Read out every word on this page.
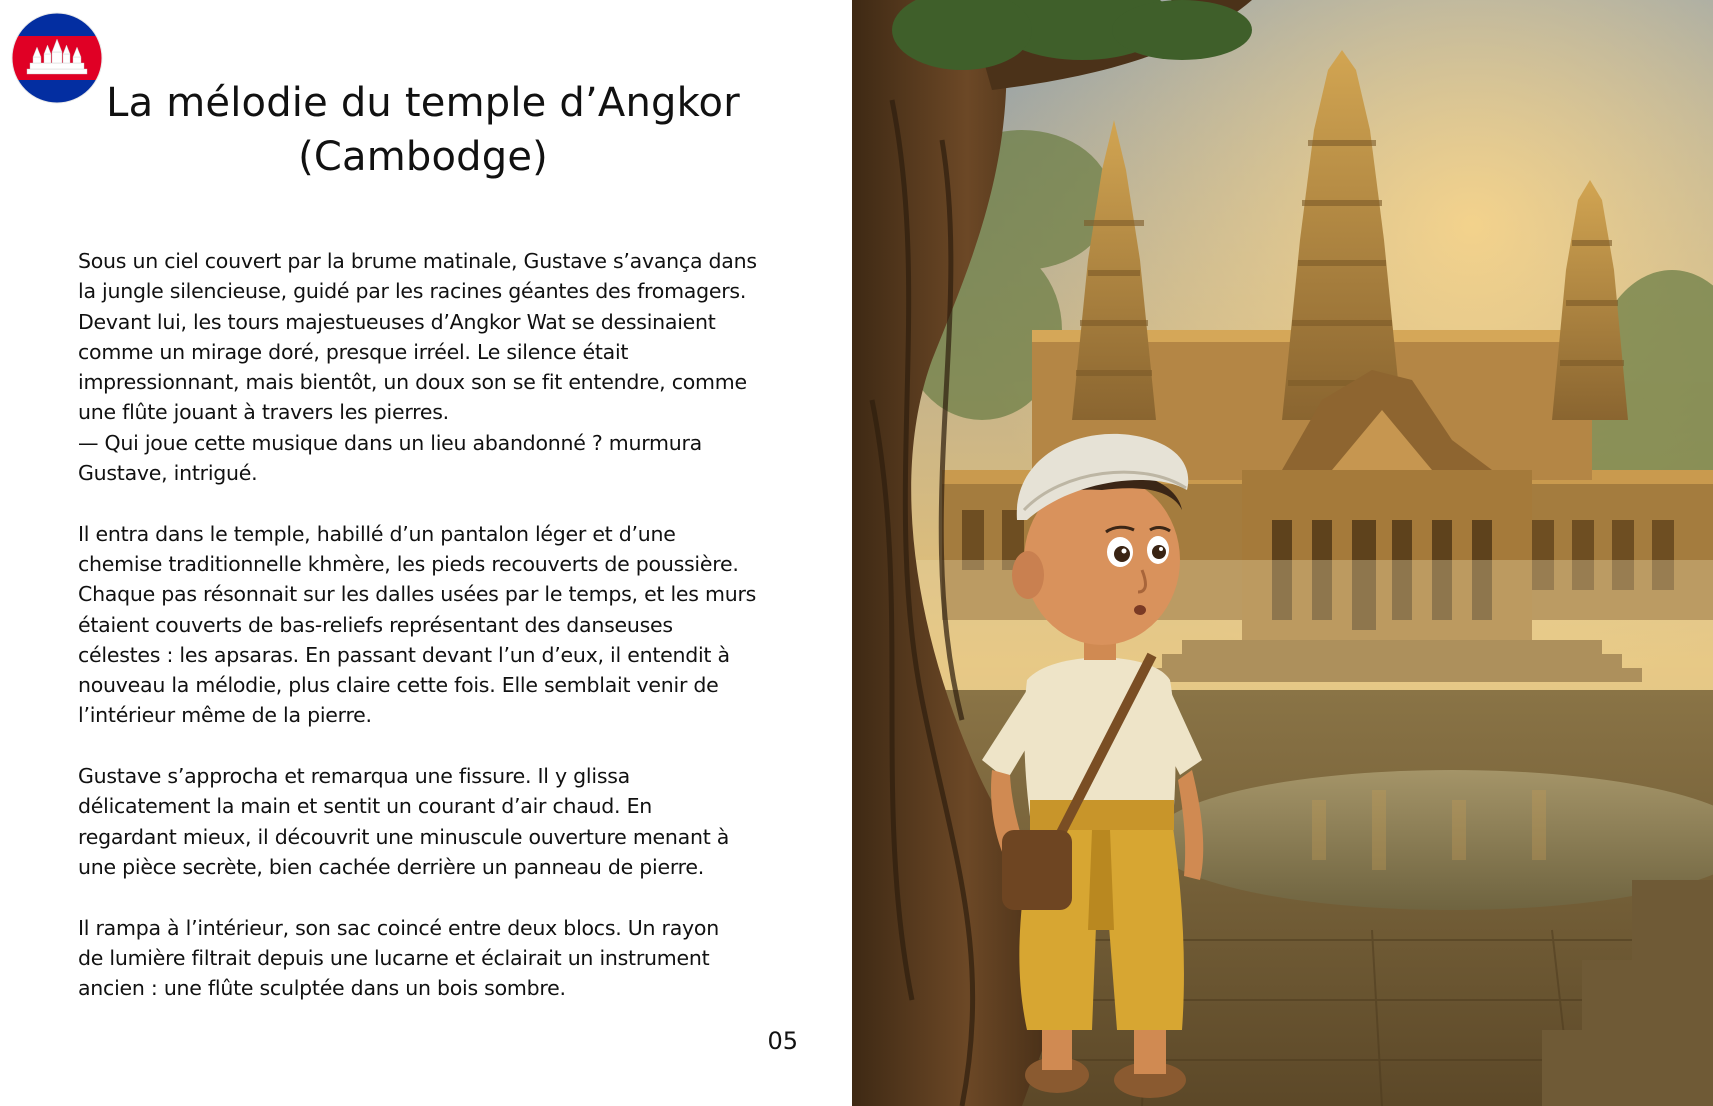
La mélodie du temple d’Angkor
(Cambodge)

Sous un ciel couvert par la brume matinale, Gustave s’avança dans
la jungle silencieuse, guidé par les racines géantes des fromagers.
Devant lui, les tours majestueuses d’Angkor Wat se dessinaient
comme un mirage doré, presque irréel. Le silence était
impressionnant, mais bientôt, un doux son se fit entendre, comme
une flûte jouant à travers les pierres.
— Qui joue cette musique dans un lieu abandonné ? murmura
Gustave, intrigué.

Il entra dans le temple, habillé d’un pantalon léger et d’une
chemise traditionnelle khmère, les pieds recouverts de poussière.
Chaque pas résonnait sur les dalles usées par le temps, et les murs
étaient couverts de bas-reliefs représentant des danseuses
célestes : les apsaras. En passant devant l’un d’eux, il entendit à
nouveau la mélodie, plus claire cette fois. Elle semblait venir de
l’intérieur même de la pierre.

Gustave s’approcha et remarqua une fissure. Il y glissa
délicatement la main et sentit un courant d’air chaud. En
regardant mieux, il découvrit une minuscule ouverture menant à
une pièce secrète, bien cachée derrière un panneau de pierre.

Il rampa à l’intérieur, son sac coincé entre deux blocs. Un rayon
de lumière filtrait depuis une lucarne et éclairait un instrument
ancien : une flûte sculptée dans un bois sombre.

05
